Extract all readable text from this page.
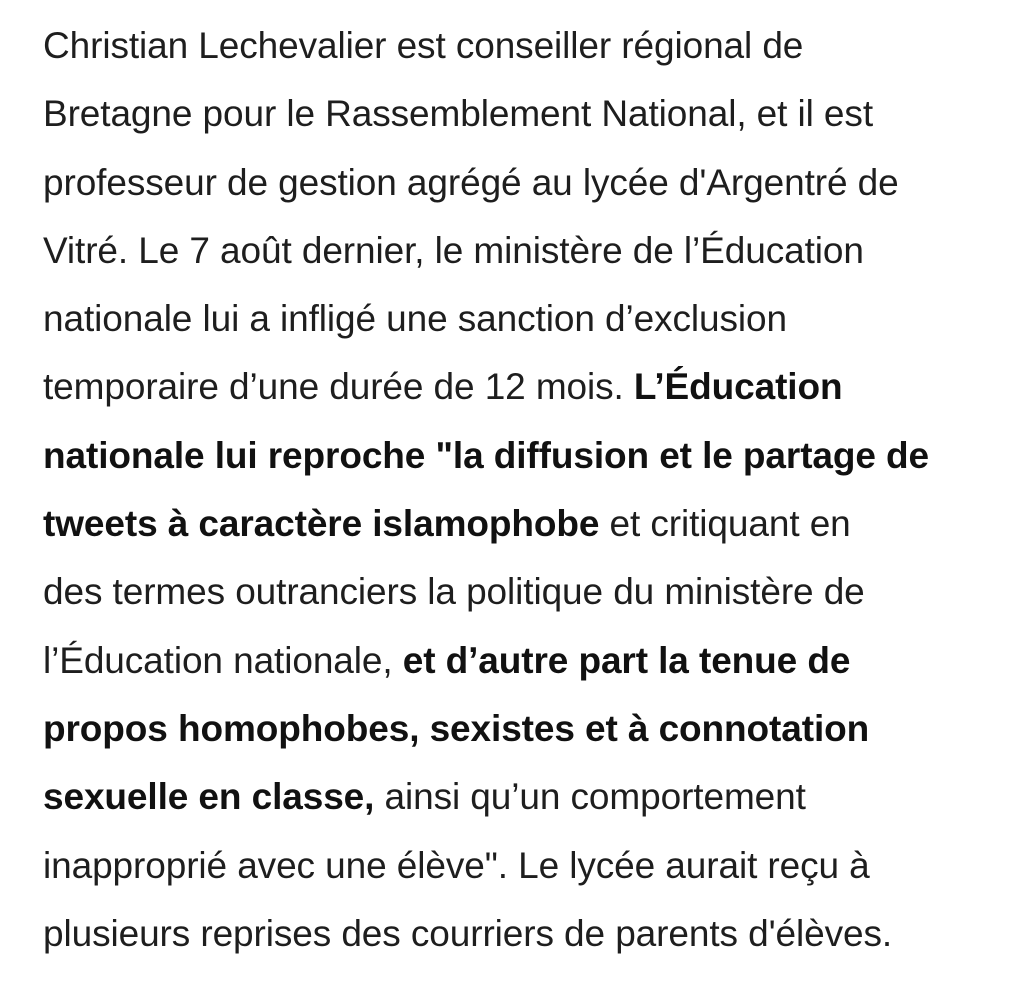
Christian Lechevalier est conseiller régional de
Bretagne pour le Rassemblement National, et il est
professeur de gestion agrégé au lycée d'Argentré de
Vitré. Le 7 août dernier, le ministère de l’Éducation
nationale lui a infligé une sanction d’exclusion
temporaire d’une durée de 12 mois. L’Éducation
nationale lui reproche "la diffusion et le partage de
tweets à caractère islamophobe et critiquant en
des termes outranciers la politique du ministère de
l’Éducation nationale, et d’autre part la tenue de
propos homophobes, sexistes et à connotation
sexuelle en classe, ainsi qu’un comportement
inapproprié avec une élève". Le lycée aurait reçu à
plusieurs reprises des courriers de parents d'élèves.
